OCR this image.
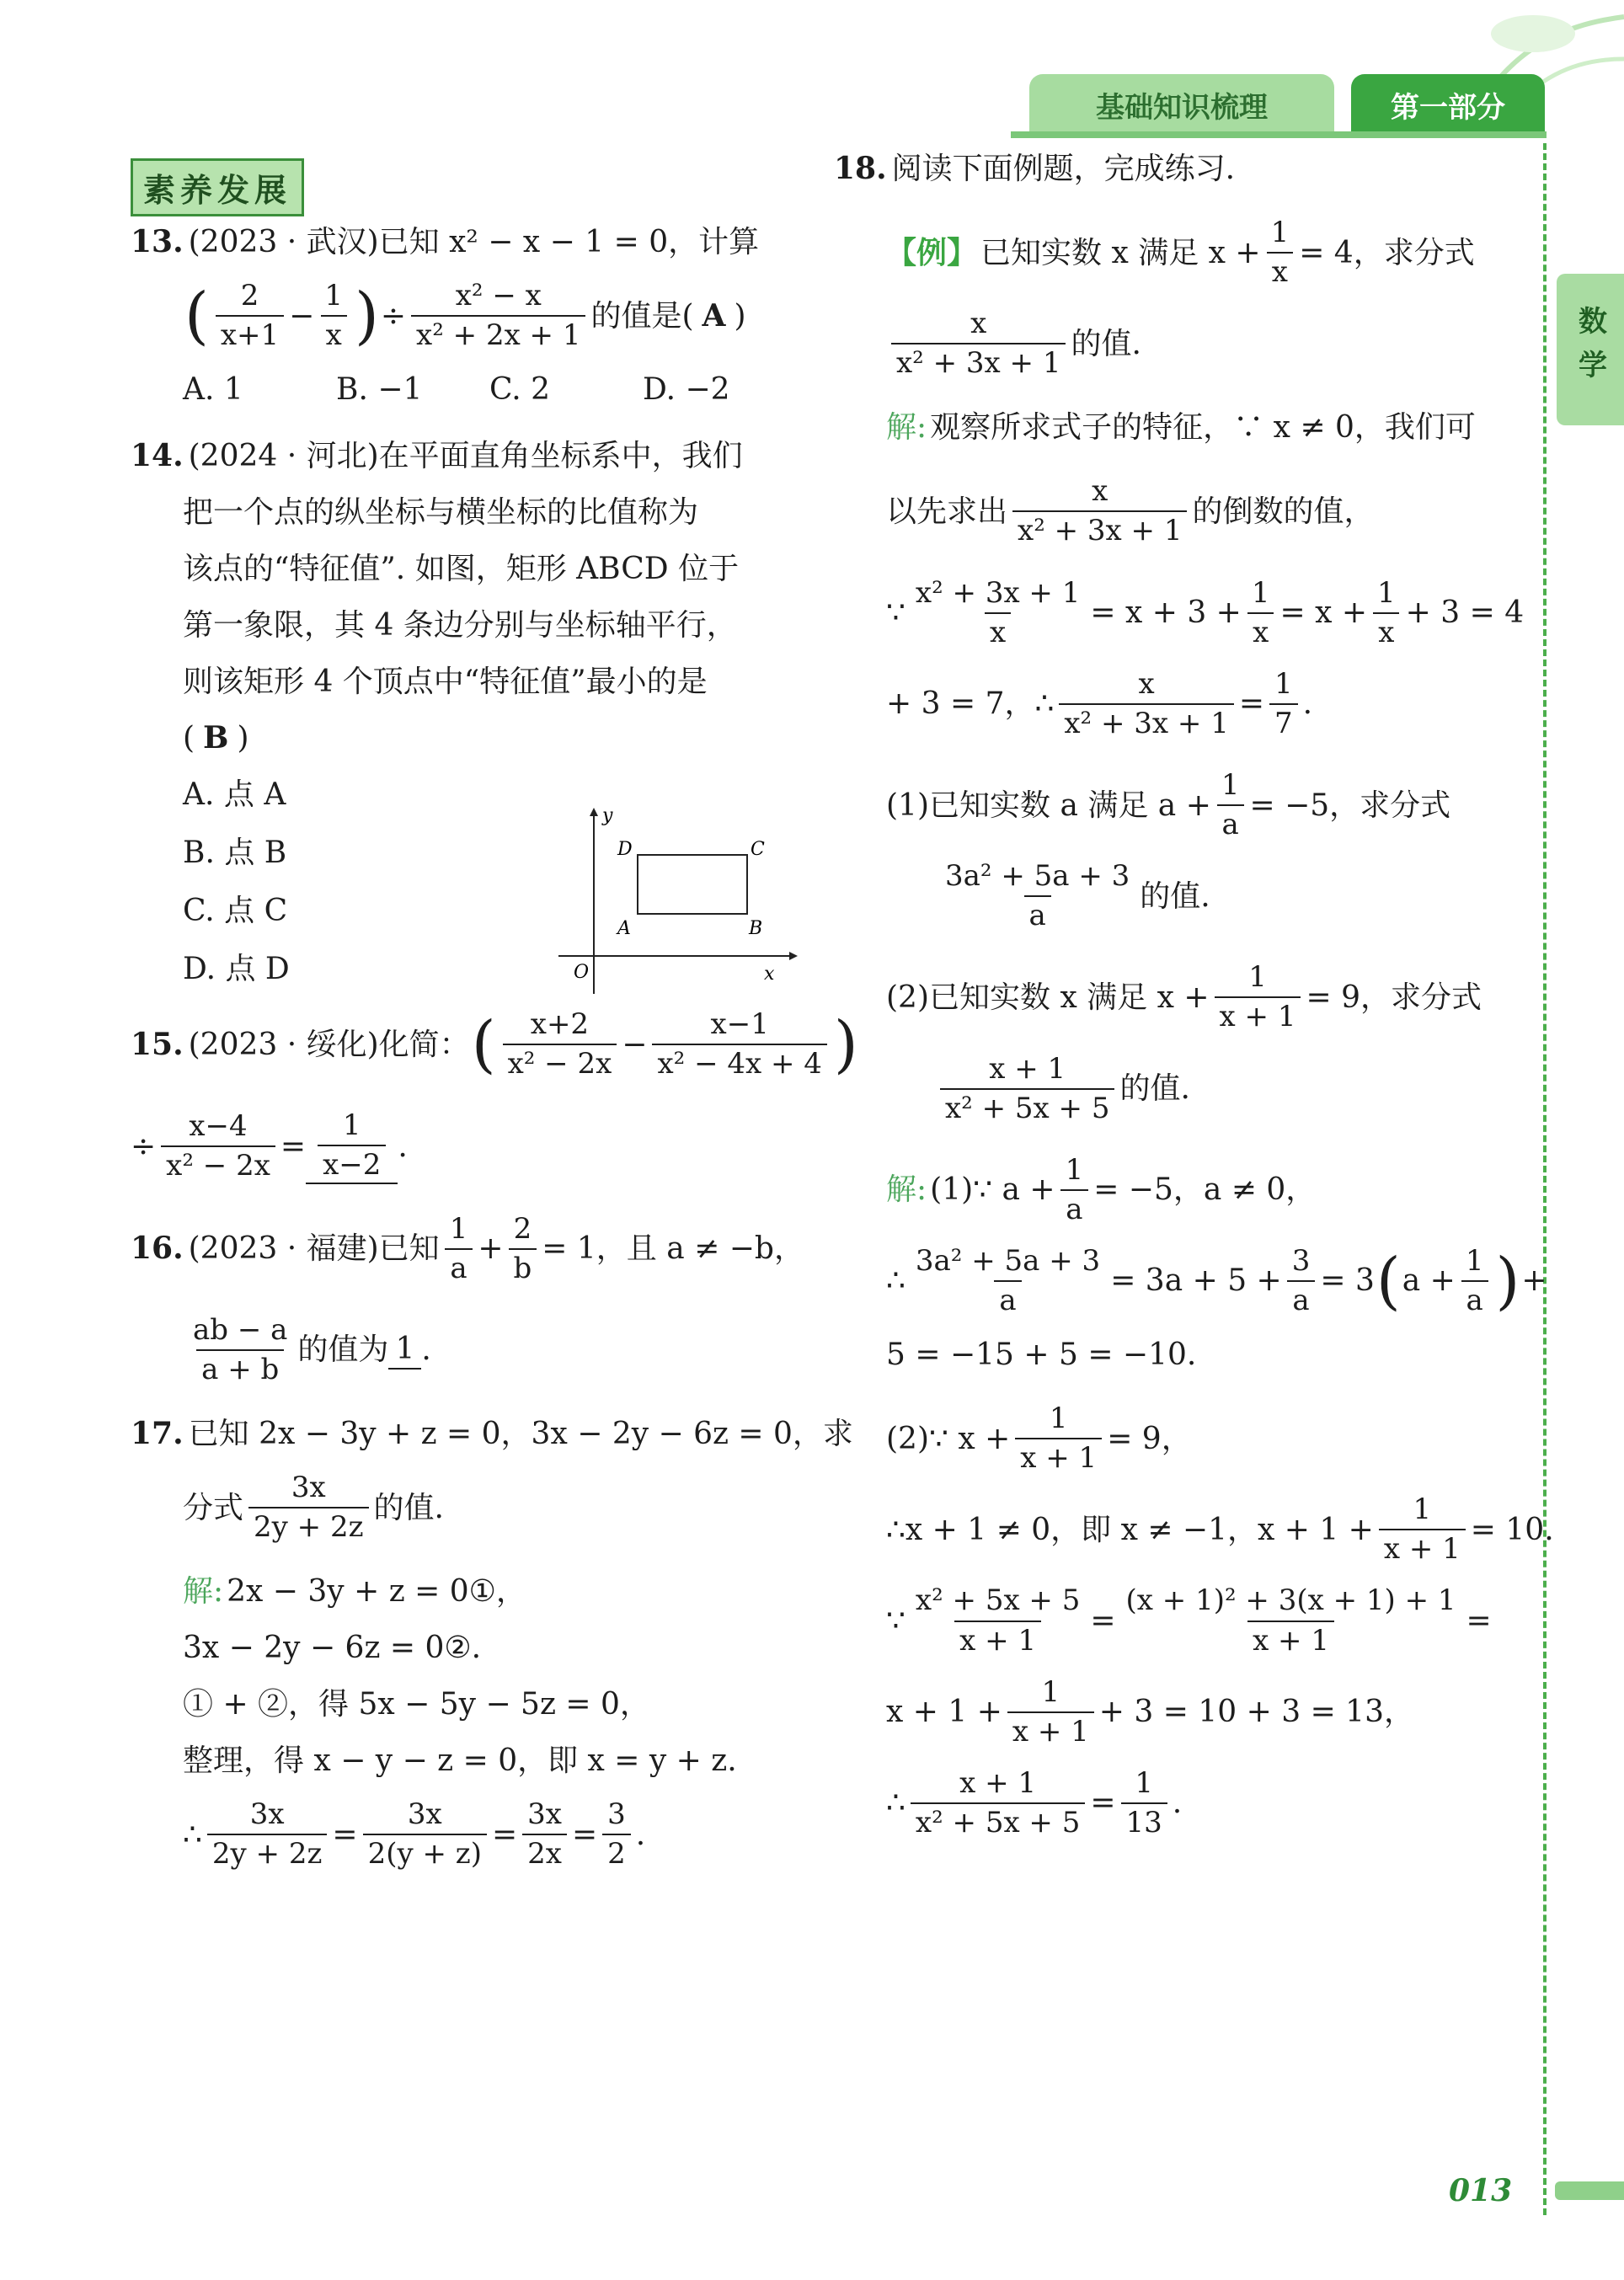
基础知识梳理	第一部分
数学
013
素养发展
13. (2023 · 武汉)已知 x² − x − 1 = 0，计算
( $\frac{2}{x+1} - \frac{1}{x}$ ) ÷ $\frac{\text{x² − x}}{\text{x² + 2x + 1}}$ 的值是( A )
A. 1	B. −1	C. 2	D. −2
14. (2024 · 河北)在平面直角坐标系中，我们
把一个点的纵坐标与横坐标的比值称为
该点的“特征值”. 如图，矩形 ABCD 位于
第一象限，其 4 条边分别与坐标轴平行，
则该矩形 4 个顶点中“特征值”最小的是
( B )
A. 点 A
B. 点 B
C. 点 C
D. 点 D
15. (2023 · 绥化)化简： ( $\frac{x+2}{\text{x² − 2x}} - \frac{x-1}{\text{x² − 4x + 4}}$ )
÷ $\frac{x-4}{\text{x² − 2x}} = \frac{1}{x-2}$ .
16. (2023 · 福建)已知 $\frac{1}{a} + \frac{2}{b} = 1$，且 a ≠ −b，
$\frac{ab - a}{a + b}$ 的值为 1 .
17. 已知 2x − 3y + z = 0，3x − 2y − 6z = 0，求
分式 $\frac{3x}{2y + 2z}$ 的值.
解: 2x − 3y + z = 0①，
3x − 2y − 6z = 0②.
① + ②，得 5x − 5y − 5z = 0，
整理，得 x − y − z = 0，即 x = y + z.
∴ $\frac{3x}{2y + 2z} = \frac{3x}{2(y + z)} = \frac{3x}{2x} = \frac{3}{2}$ .
y
x
O
A	B
C
D
18. 阅读下面例题，完成练习.
【例】 已知实数 x 满足 $x + \frac{1}{x} = 4$，求分式
$\frac{x}{\text{x² + 3x + 1}}$ 的值.
解: 观察所求式子的特征，∵ x ≠ 0，我们可
以先求出 $\frac{x}{\text{x² + 3x + 1}}$ 的倒数的值，
∵ $\frac{\text{x² + 3x + 1}}{x} = x + 3 + \frac{1}{x} = x + \frac{1}{x} + 3 = 4$
+ 3 = 7， ∴ $\frac{x}{\text{x² + 3x + 1}} = \frac{1}{7}$ .
(1)已知实数 a 满足 $a + \frac{1}{a} = -5$，求分式
$\frac{\text{3a² + 5a + 3}}{a}$ 的值.
(2)已知实数 x 满足 $x + \frac{1}{x + 1} = 9$，求分式
$\frac{x + 1}{\text{x² + 5x + 5}}$ 的值.
解: (1)∵ $a + \frac{1}{a} = -5$，a ≠ 0，
∴ $\frac{\text{3a² + 5a + 3}}{a} = 3a + 5 + \frac{3}{a} = 3$ ( $a + \frac{1}{a}$ ) +
5 = −15 + 5 = −10.
(2)∵ $x + \frac{1}{x + 1} = 9$，
∴ x + 1 ≠ 0，即 x ≠ −1，$x + 1 + \frac{1}{x + 1} = 10$.
∵ $\frac{\text{x² + 5x + 5}}{x + 1} = \frac{\text{(x + 1)² + 3(x + 1) + 1}}{x + 1}$ =
$x + 1 + \frac{1}{x + 1} + 3 = 10 + 3 = 13$，
∴ $\frac{x + 1}{\text{x² + 5x + 5}} = \frac{1}{13}$ .
